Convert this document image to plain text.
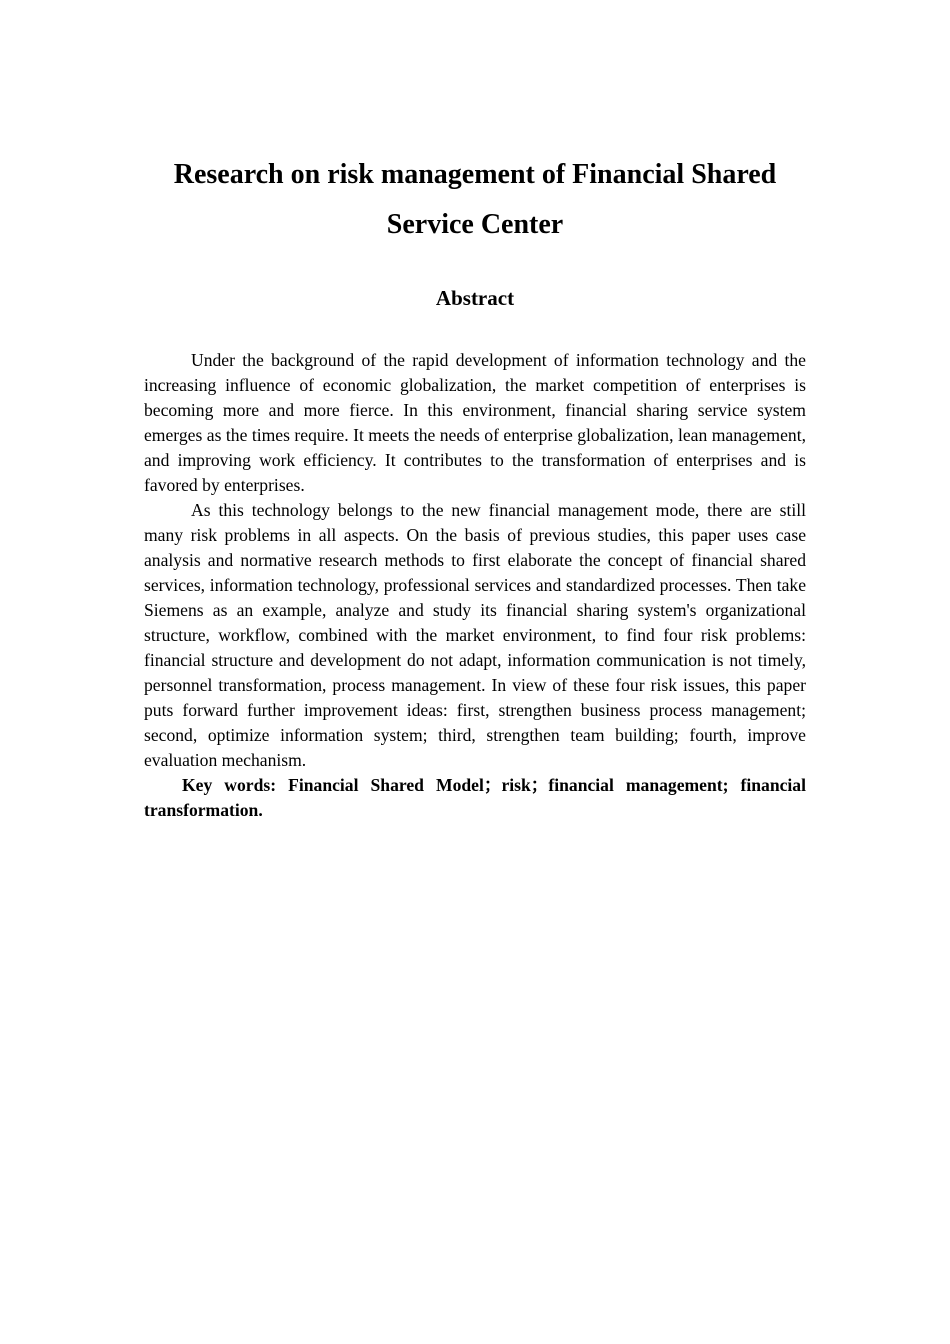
Research on risk management of Financial Shared Service Center
Abstract

Under the background of the rapid development of information technology and the increasing influence of economic globalization, the market competition of enterprises is becoming more and more fierce. In this environment, financial sharing service system emerges as the times require. It meets the needs of enterprise globalization, lean management, and improving work efficiency. It contributes to the transformation of enterprises and is favored by enterprises.

As this technology belongs to the new financial management mode, there are still many risk problems in all aspects. On the basis of previous studies, this paper uses case analysis and normative research methods to first elaborate the concept of financial shared services, information technology, professional services and standardized processes. Then take Siemens as an example, analyze and study its financial sharing system's organizational structure, workflow, combined with the market environment, to find four risk problems: financial structure and development do not adapt, information communication is not timely, personnel transformation, process management. In view of these four risk issues, this paper puts forward further improvement ideas: first, strengthen business process management; second, optimize information system; third, strengthen team building; fourth, improve evaluation mechanism.

Key words: Financial Shared Model；risk；financial management; financial transformation.
